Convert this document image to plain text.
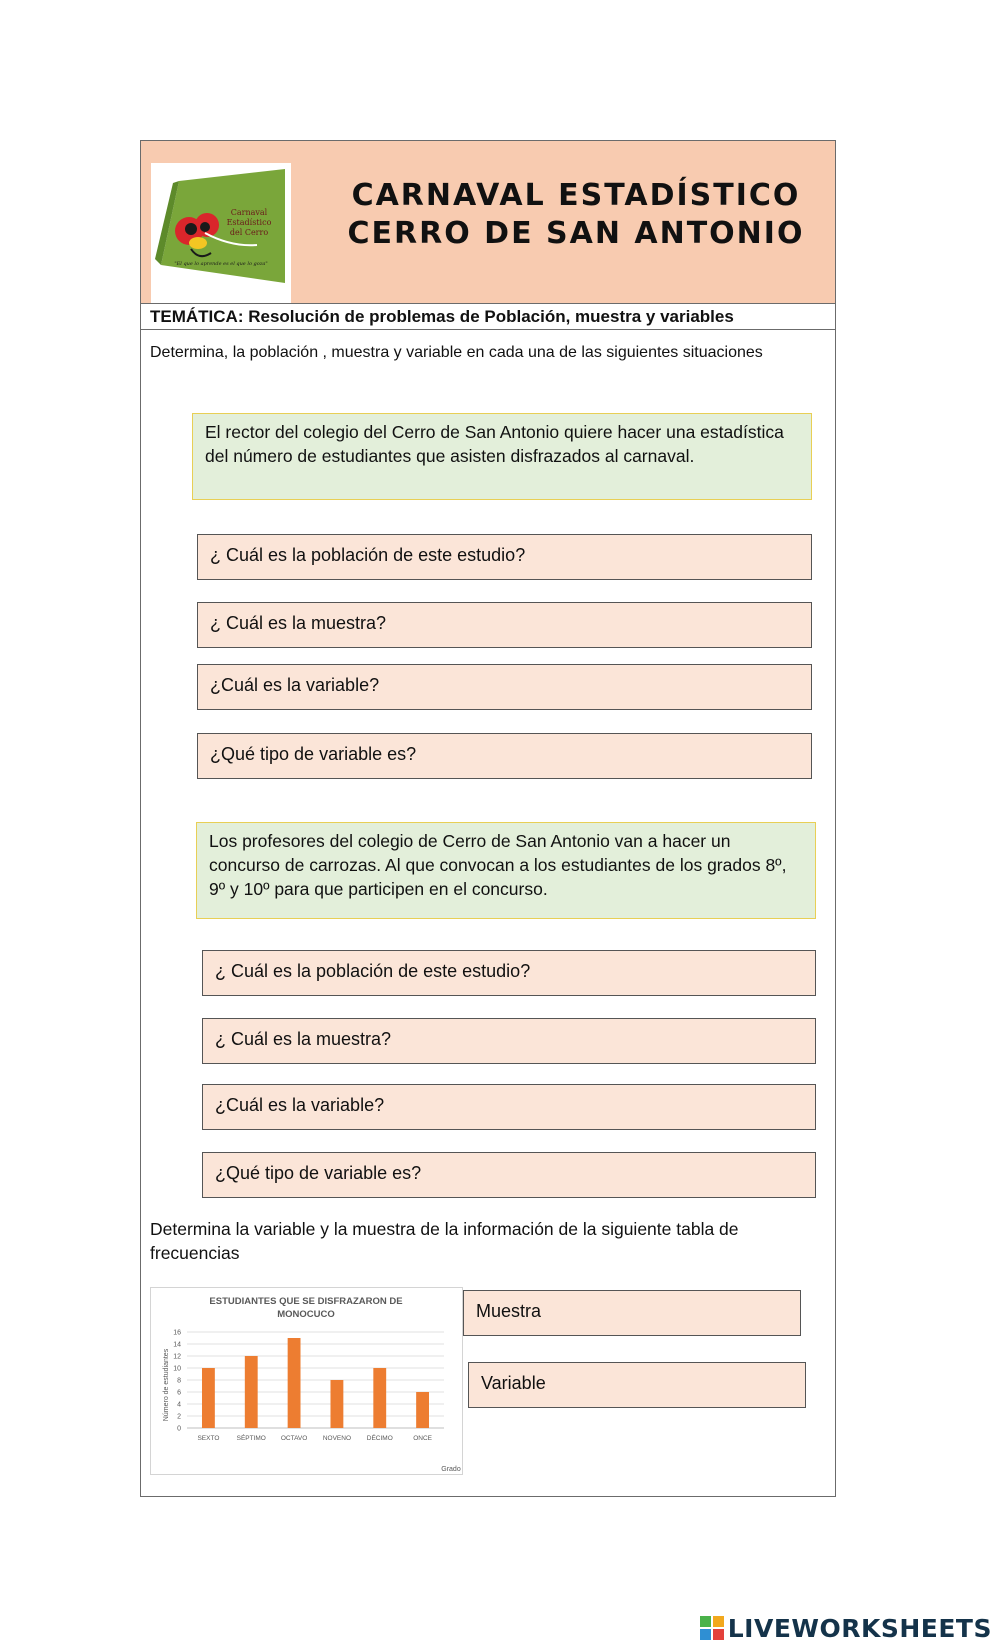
Carnaval
Estadístico
del Cerro
"El que lo aprende es el que lo goza"
CARNAVAL ESTADÍSTICO
CERRO DE SAN ANTONIO
TEMÁTICA: Resolución de problemas de Población, muestra y variables
Determina, la población , muestra y variable en cada una de las siguientes situaciones
El rector del colegio del Cerro de San Antonio quiere hacer una estadística del número de estudiantes que asisten disfrazados al carnaval.
¿ Cuál es la población de este estudio?
¿ Cuál es la muestra?
¿Cuál es la variable?
¿Qué tipo de variable es?
Los profesores del colegio de Cerro de San Antonio van a hacer un concurso de carrozas. Al que convocan a los estudiantes de los grados 8º, 9º y 10º para que participen en el concurso.
¿ Cuál es la población de este estudio?
¿ Cuál es la muestra?
¿Cuál es la variable?
¿Qué tipo de variable es?
Determina la variable y la muestra de la información de la siguiente tabla de frecuencias
ESTUDIANTES QUE SE DISFRAZARON DE
MONOCUCO
0
2
4
6
8
10
12
14
16
SEXTO	SÉPTIMO OCTAVO NOVENO DÉCIMO	ONCE
Grado
Número de estudiantes
Muestra
Variable
LIVEWORKSHEETS
